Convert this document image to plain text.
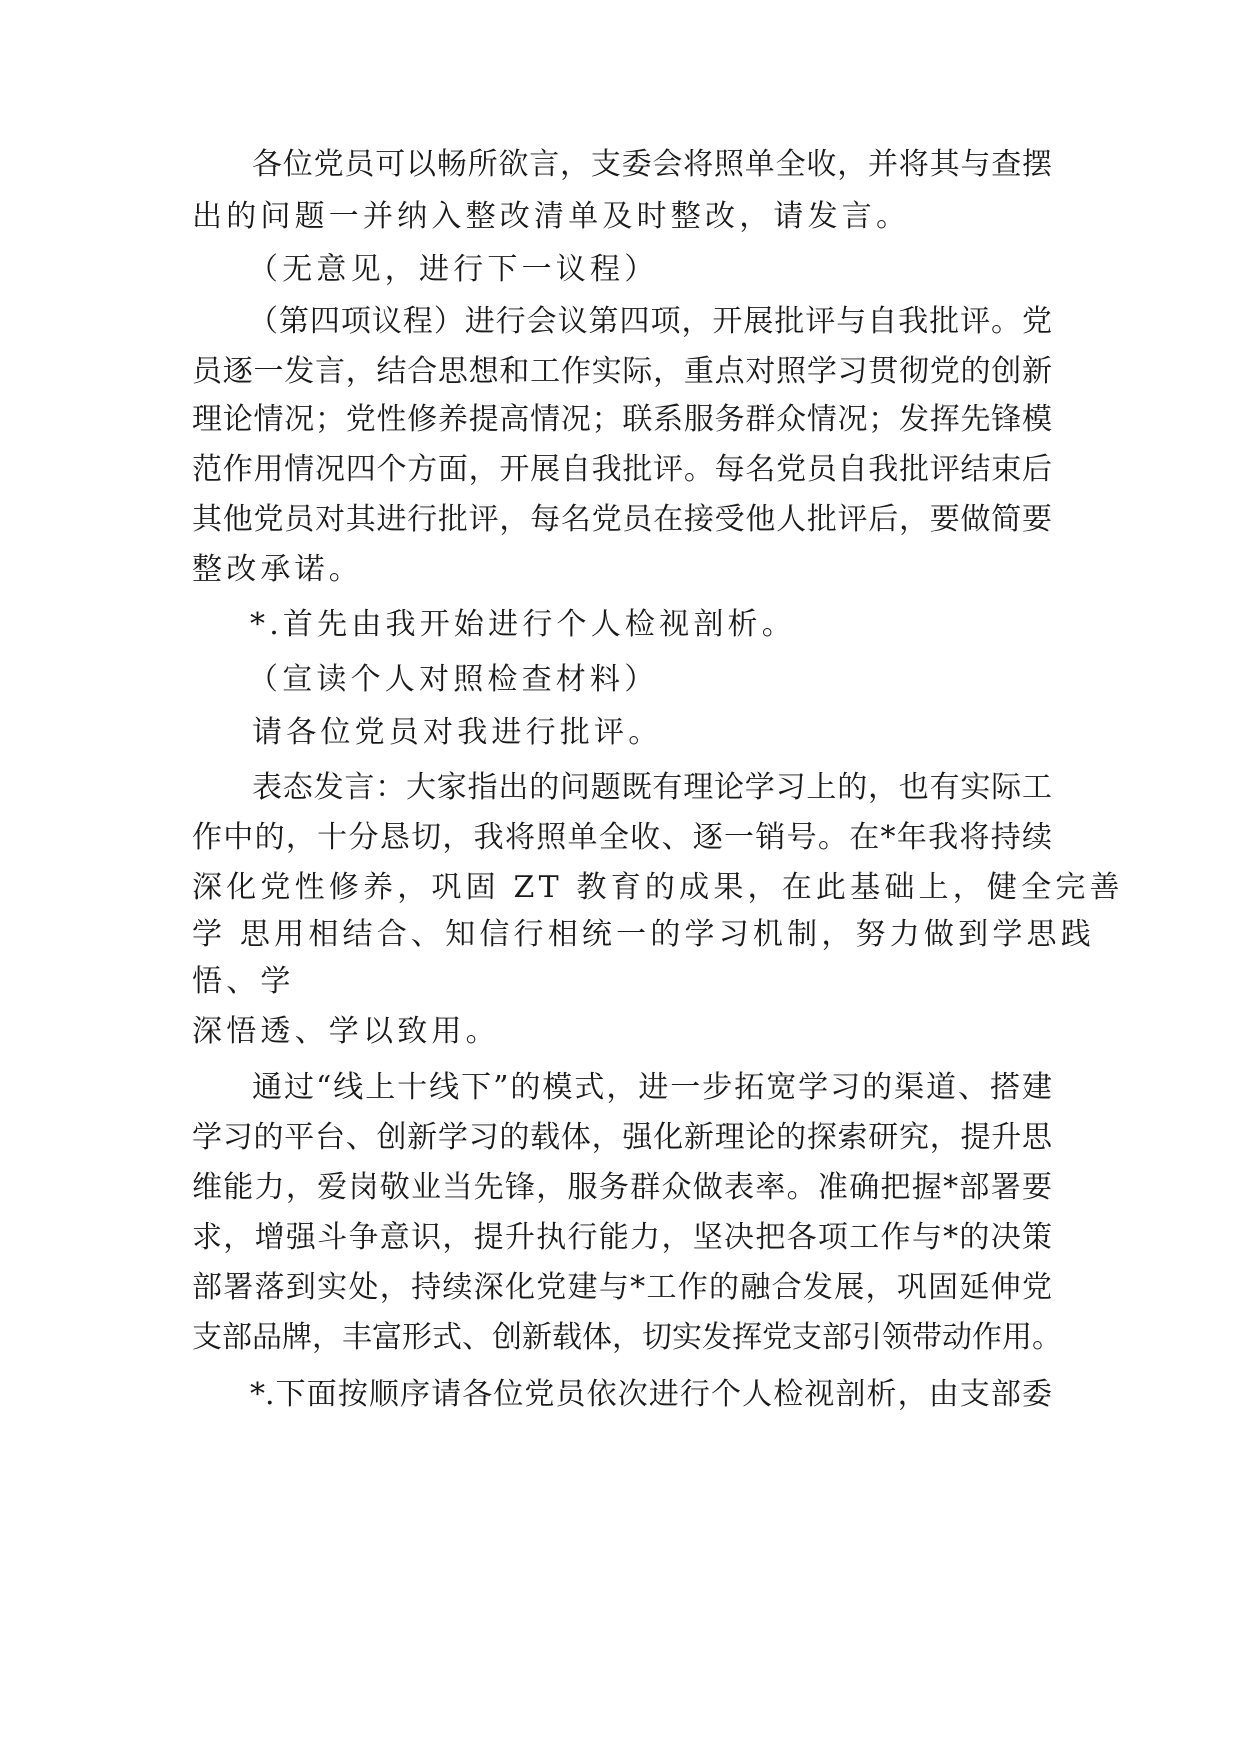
各位党员可以畅所欲言，支委会将照单全收，并将其与查摆
出的问题一并纳入整改清单及时整改，请发言。
（无意见，进行下一议程）
（第四项议程）进行会议第四项，开展批评与自我批评。党
员逐一发言，结合思想和工作实际，重点对照学习贯彻党的创新
理论情况；党性修养提高情况；联系服务群众情况；发挥先锋模
范作用情况四个方面，开展自我批评。每名党员自我批评结束后
其他党员对其进行批评，每名党员在接受他人批评后，要做简要
整改承诺。
*.首先由我开始进行个人检视剖析。
（宣读个人对照检查材料）
请各位党员对我进行批评。
表态发言：大家指出的问题既有理论学习上的，也有实际工
作中的，十分恳切，我将照单全收、逐一销号。在*年我将持续
深化党性修养，巩固 ZT 教育的成果，在此基础上，健全完善
学 思用相结合、知信行相统一的学习机制，努力做到学思践
悟、学
深悟透、学以致用。
通过“线上十线下”的模式，进一步拓宽学习的渠道、搭建
学习的平台、创新学习的载体，强化新理论的探索研究，提升思
维能力，爱岗敬业当先锋，服务群众做表率。准确把握*部署要
求，增强斗争意识，提升执行能力，坚决把各项工作与*的决策
部署落到实处，持续深化党建与*工作的融合发展，巩固延伸党
支部品牌，丰富形式、创新载体，切实发挥党支部引领带动作用。
*.下面按顺序请各位党员依次进行个人检视剖析，由支部委
